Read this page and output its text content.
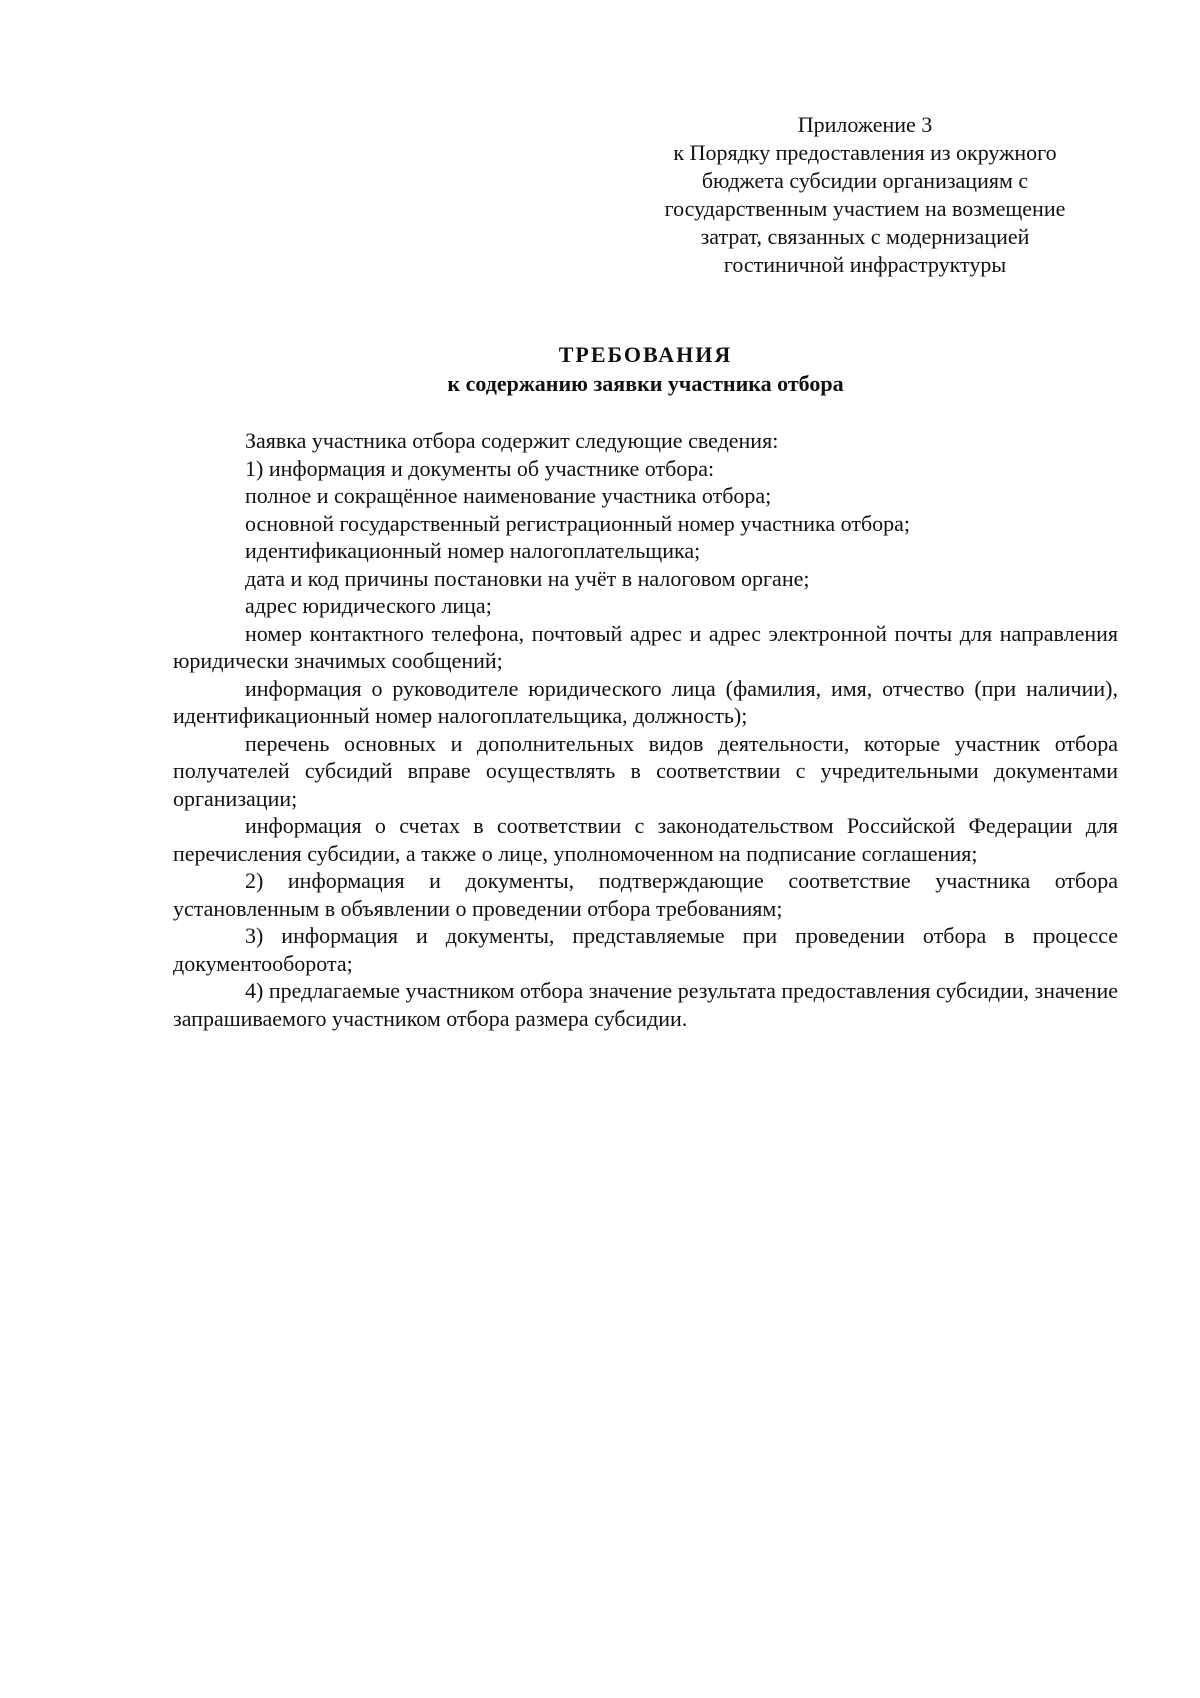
Приложение 3
к Порядку предоставления из окружного
бюджета субсидии организациям с
государственным участием на возмещение
затрат, связанных с модернизацией
гостиничной инфраструктуры
ТРЕБОВАНИЯ
к содержанию заявки участника отбора

Заявка участника отбора содержит следующие сведения:

1) информация и документы об участнике отбора:

полное и сокращённое наименование участника отбора;

основной государственный регистрационный номер участника отбора;

идентификационный номер налогоплательщика;

дата и код причины постановки на учёт в налоговом органе;

адрес юридического лица;

номер контактного телефона, почтовый адрес и адрес электронной почты для направления юридически значимых сообщений;

информация о руководителе юридического лица (фамилия, имя, отчество (при наличии), идентификационный номер налогоплательщика, должность);

перечень основных и дополнительных видов деятельности, которые участник отбора получателей субсидий вправе осуществлять в соответствии с учредительными документами организации;

информация о счетах в соответствии с законодательством Российской Федерации для перечисления субсидии, а также о лице, уполномоченном на подписание соглашения;

2) информация и документы, подтверждающие соответствие участника отбора установленным в объявлении о проведении отбора требованиям;

3) информация и документы, представляемые при проведении отбора в процессе документооборота;

4) предлагаемые участником отбора значение результата предоставления субсидии, значение запрашиваемого участником отбора размера субсидии.
